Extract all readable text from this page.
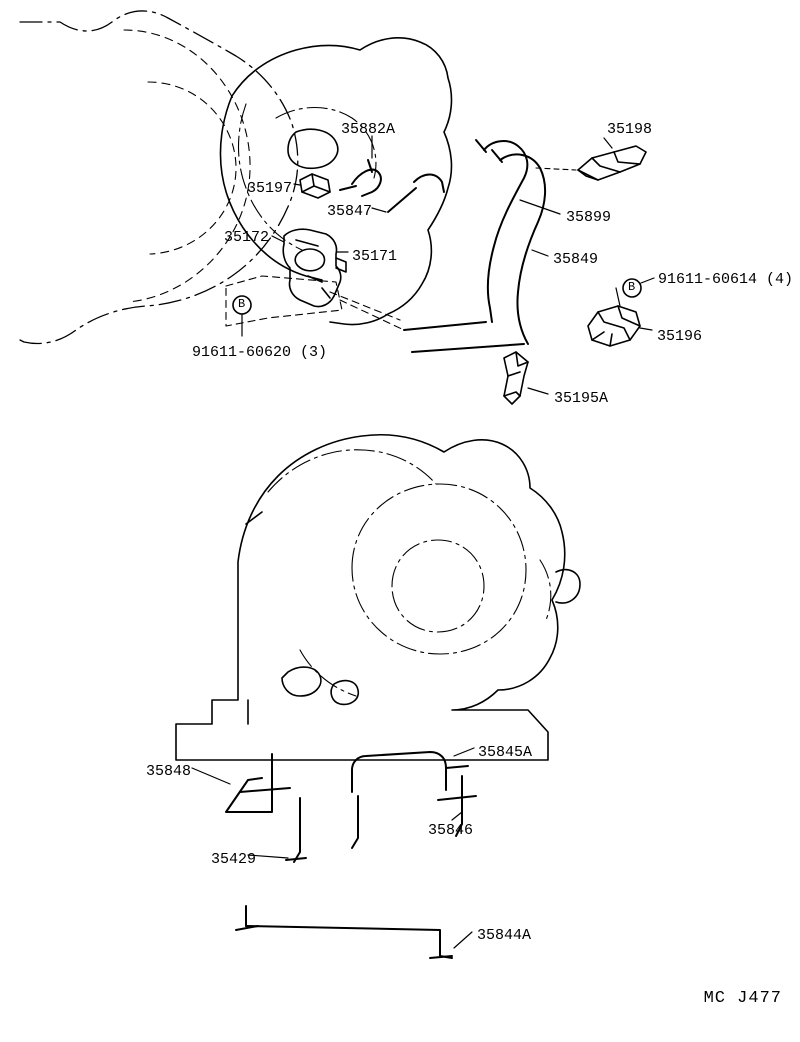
B
B
35882A	35198
35197
35847	35899
35172
35171	35849
91611-60614 (4)
35196
91611-60620 (3)
35195A
35845A
35848
35846
35429
35844A
MC J477
